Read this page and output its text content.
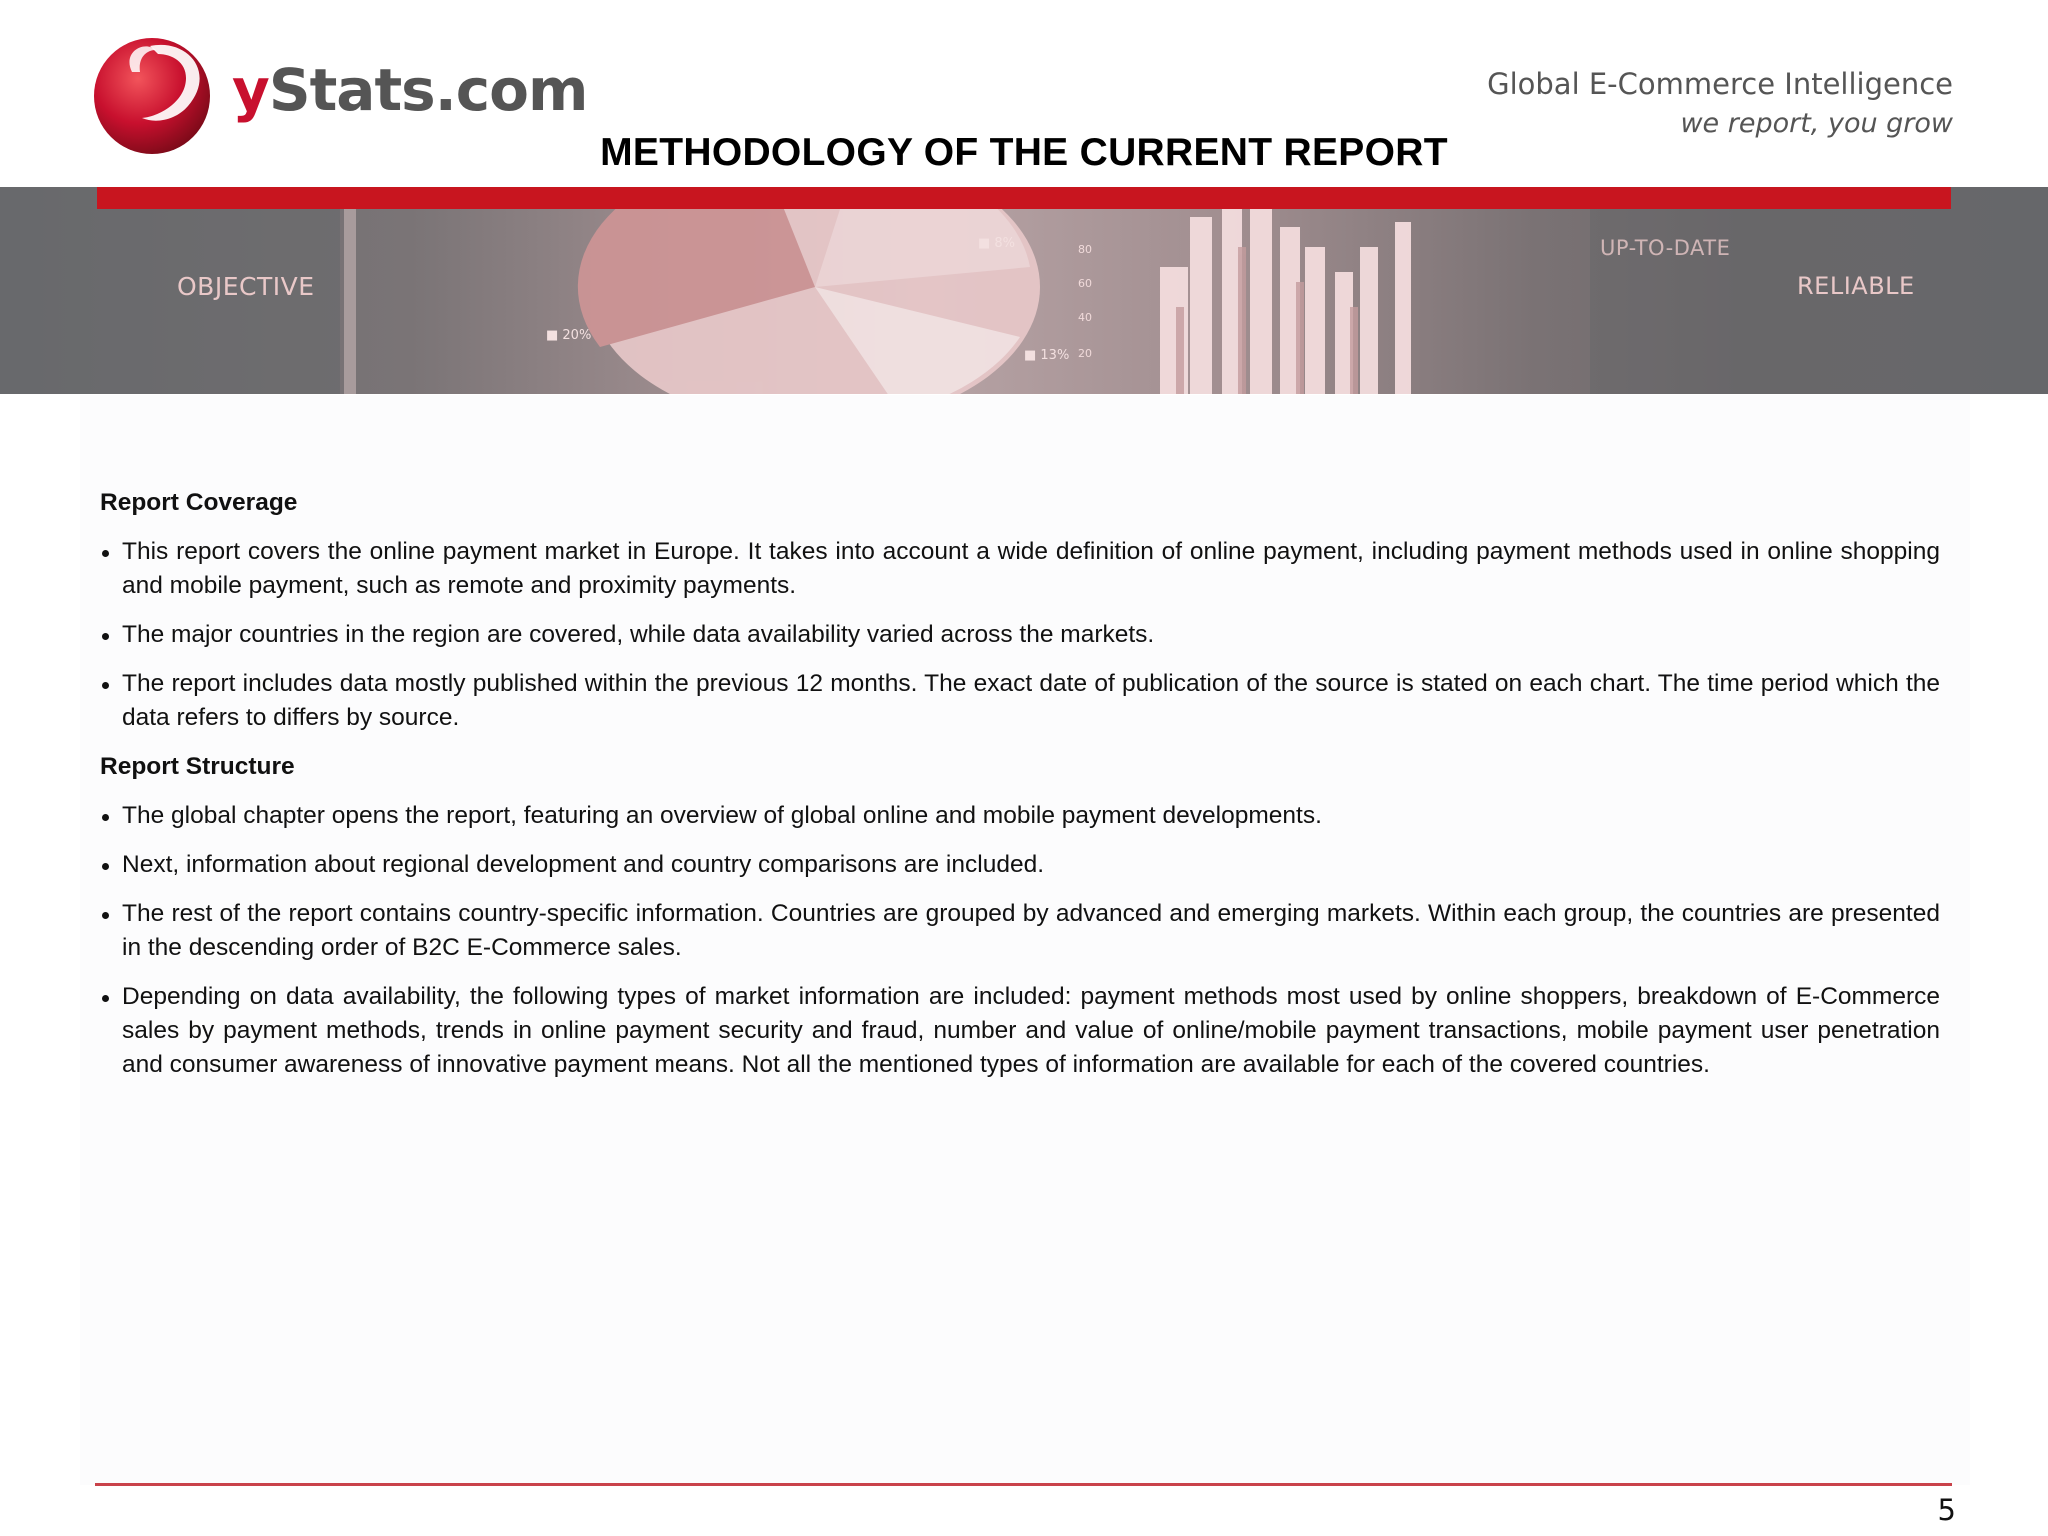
yStats.com	Global E-Commerce Intelligence
we report, you grow
METHODOLOGY OF THE CURRENT REPORT
80
60
40
20
■ 20%
■ 8%
■ 13%
OBJECTIVE
UP-TO-DATE
RELIABLE
Report Coverage
This report covers the online payment market in Europe. It takes into account a wide definition of online payment, including payment methods used in online shopping and mobile payment, such as remote and proximity payments.
The major countries in the region are covered, while data availability varied across the markets.
The report includes data mostly published within the previous 12 months. The exact date of publication of the source is stated on each chart. The time period which the data refers to differs by source.
Report Structure
The global chapter opens the report, featuring an overview of global online and mobile payment developments.
Next, information about regional development and country comparisons are included.
The rest of the report contains country-specific information. Countries are grouped by advanced and emerging markets. Within each group, the countries are presented in the descending order of B2C E-Commerce sales.
Depending on data availability, the following types of market information are included: payment methods most used by online shoppers, breakdown of E-Commerce sales by payment methods, trends in online payment security and fraud, number and value of online/mobile payment transactions, mobile payment user penetration and consumer awareness of innovative payment means. Not all the mentioned types of information are available for each of the covered countries.
5
